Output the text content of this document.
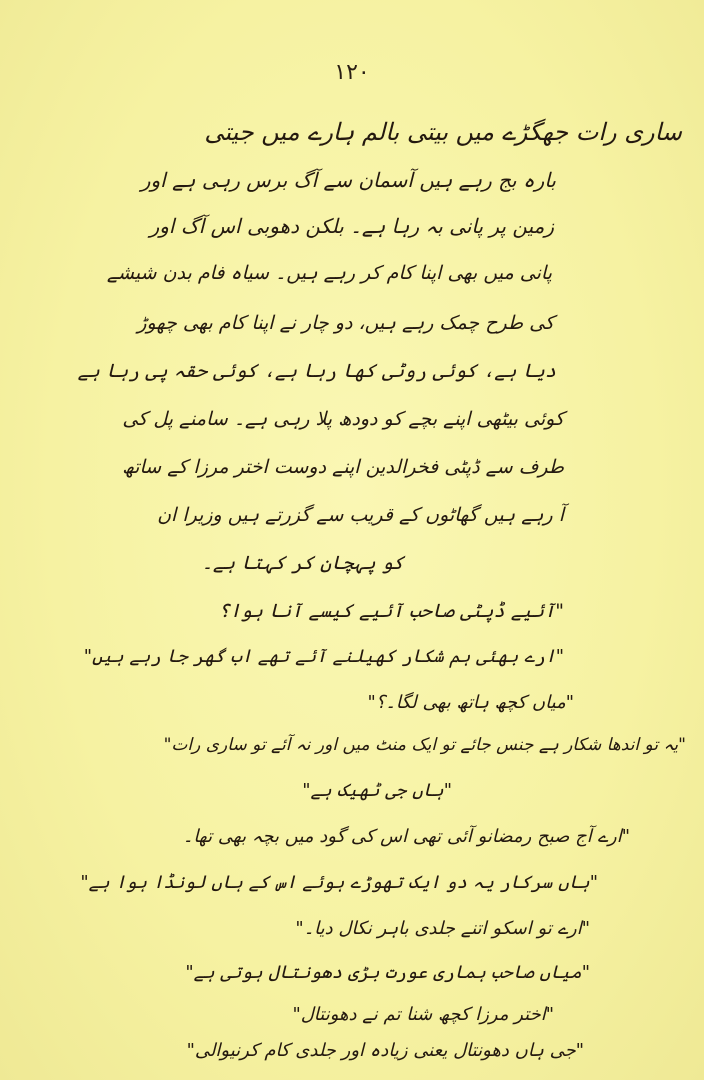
١٢٠
ساری رات جھگڑے میں بیتی بالم ہارے میں جیتی
بارہ بج رہے ہیں آسمان سے آگ برس رہی ہے اور
زمین پر پانی بہ رہا ہے۔ بلکن دھوبی اس آگ اور
پانی میں بھی اپنا کام کر رہے ہیں۔ سیاہ فام بدن شیشے
کی طرح چمک رہے ہیں، دو چار نے اپنا کام بھی چھوڑ
دیا ہے، کوئی روٹی کھا رہا ہے، کوئی حقہ پی رہا ہے
کوئی بیٹھی اپنے بچے کو دودھ پلا رہی ہے۔ سامنے پل کی
طرف سے ڈپٹی فخرالدین اپنے دوست اختر مرزا کے ساتھ
آ رہے ہیں گھاٹوں کے قریب سے گزرتے ہیں وزیرا ان
کو پہچان کر کہتا ہے۔
"آئیے ڈپٹی صاحب آئیے کیسے آنا ہوا؟
"ارے بھئی ہم شکار کھیلنے آئے تھے اب گھر جا رہے ہیں"
"میاں کچھ ہاتھ بھی لگا۔؟"
"یہ تو اندھا شکار ہے جنس جائے تو ایک منٹ میں اور نہ آئے تو ساری رات"
"ہاں جی ٹھیک ہے"
"ارے آج صبح رمضانو آئی تھی اس کی گود میں بچہ بھی تھا۔
"ہاں سرکار یہ دو ایک تھوڑے ہوئے اس کے ہاں لونڈا ہوا ہے"
"ارے تو اسکو اتنے جلدی باہر نکال دیا۔"
"میاں صاحب ہماری عورت بڑی دھونتال ہوتی ہے"
"اختر مرزا کچھ شنا تم نے دھونتال"
"جی ہاں دھونتال یعنی زیادہ اور جلدی کام کرنیوالی"
